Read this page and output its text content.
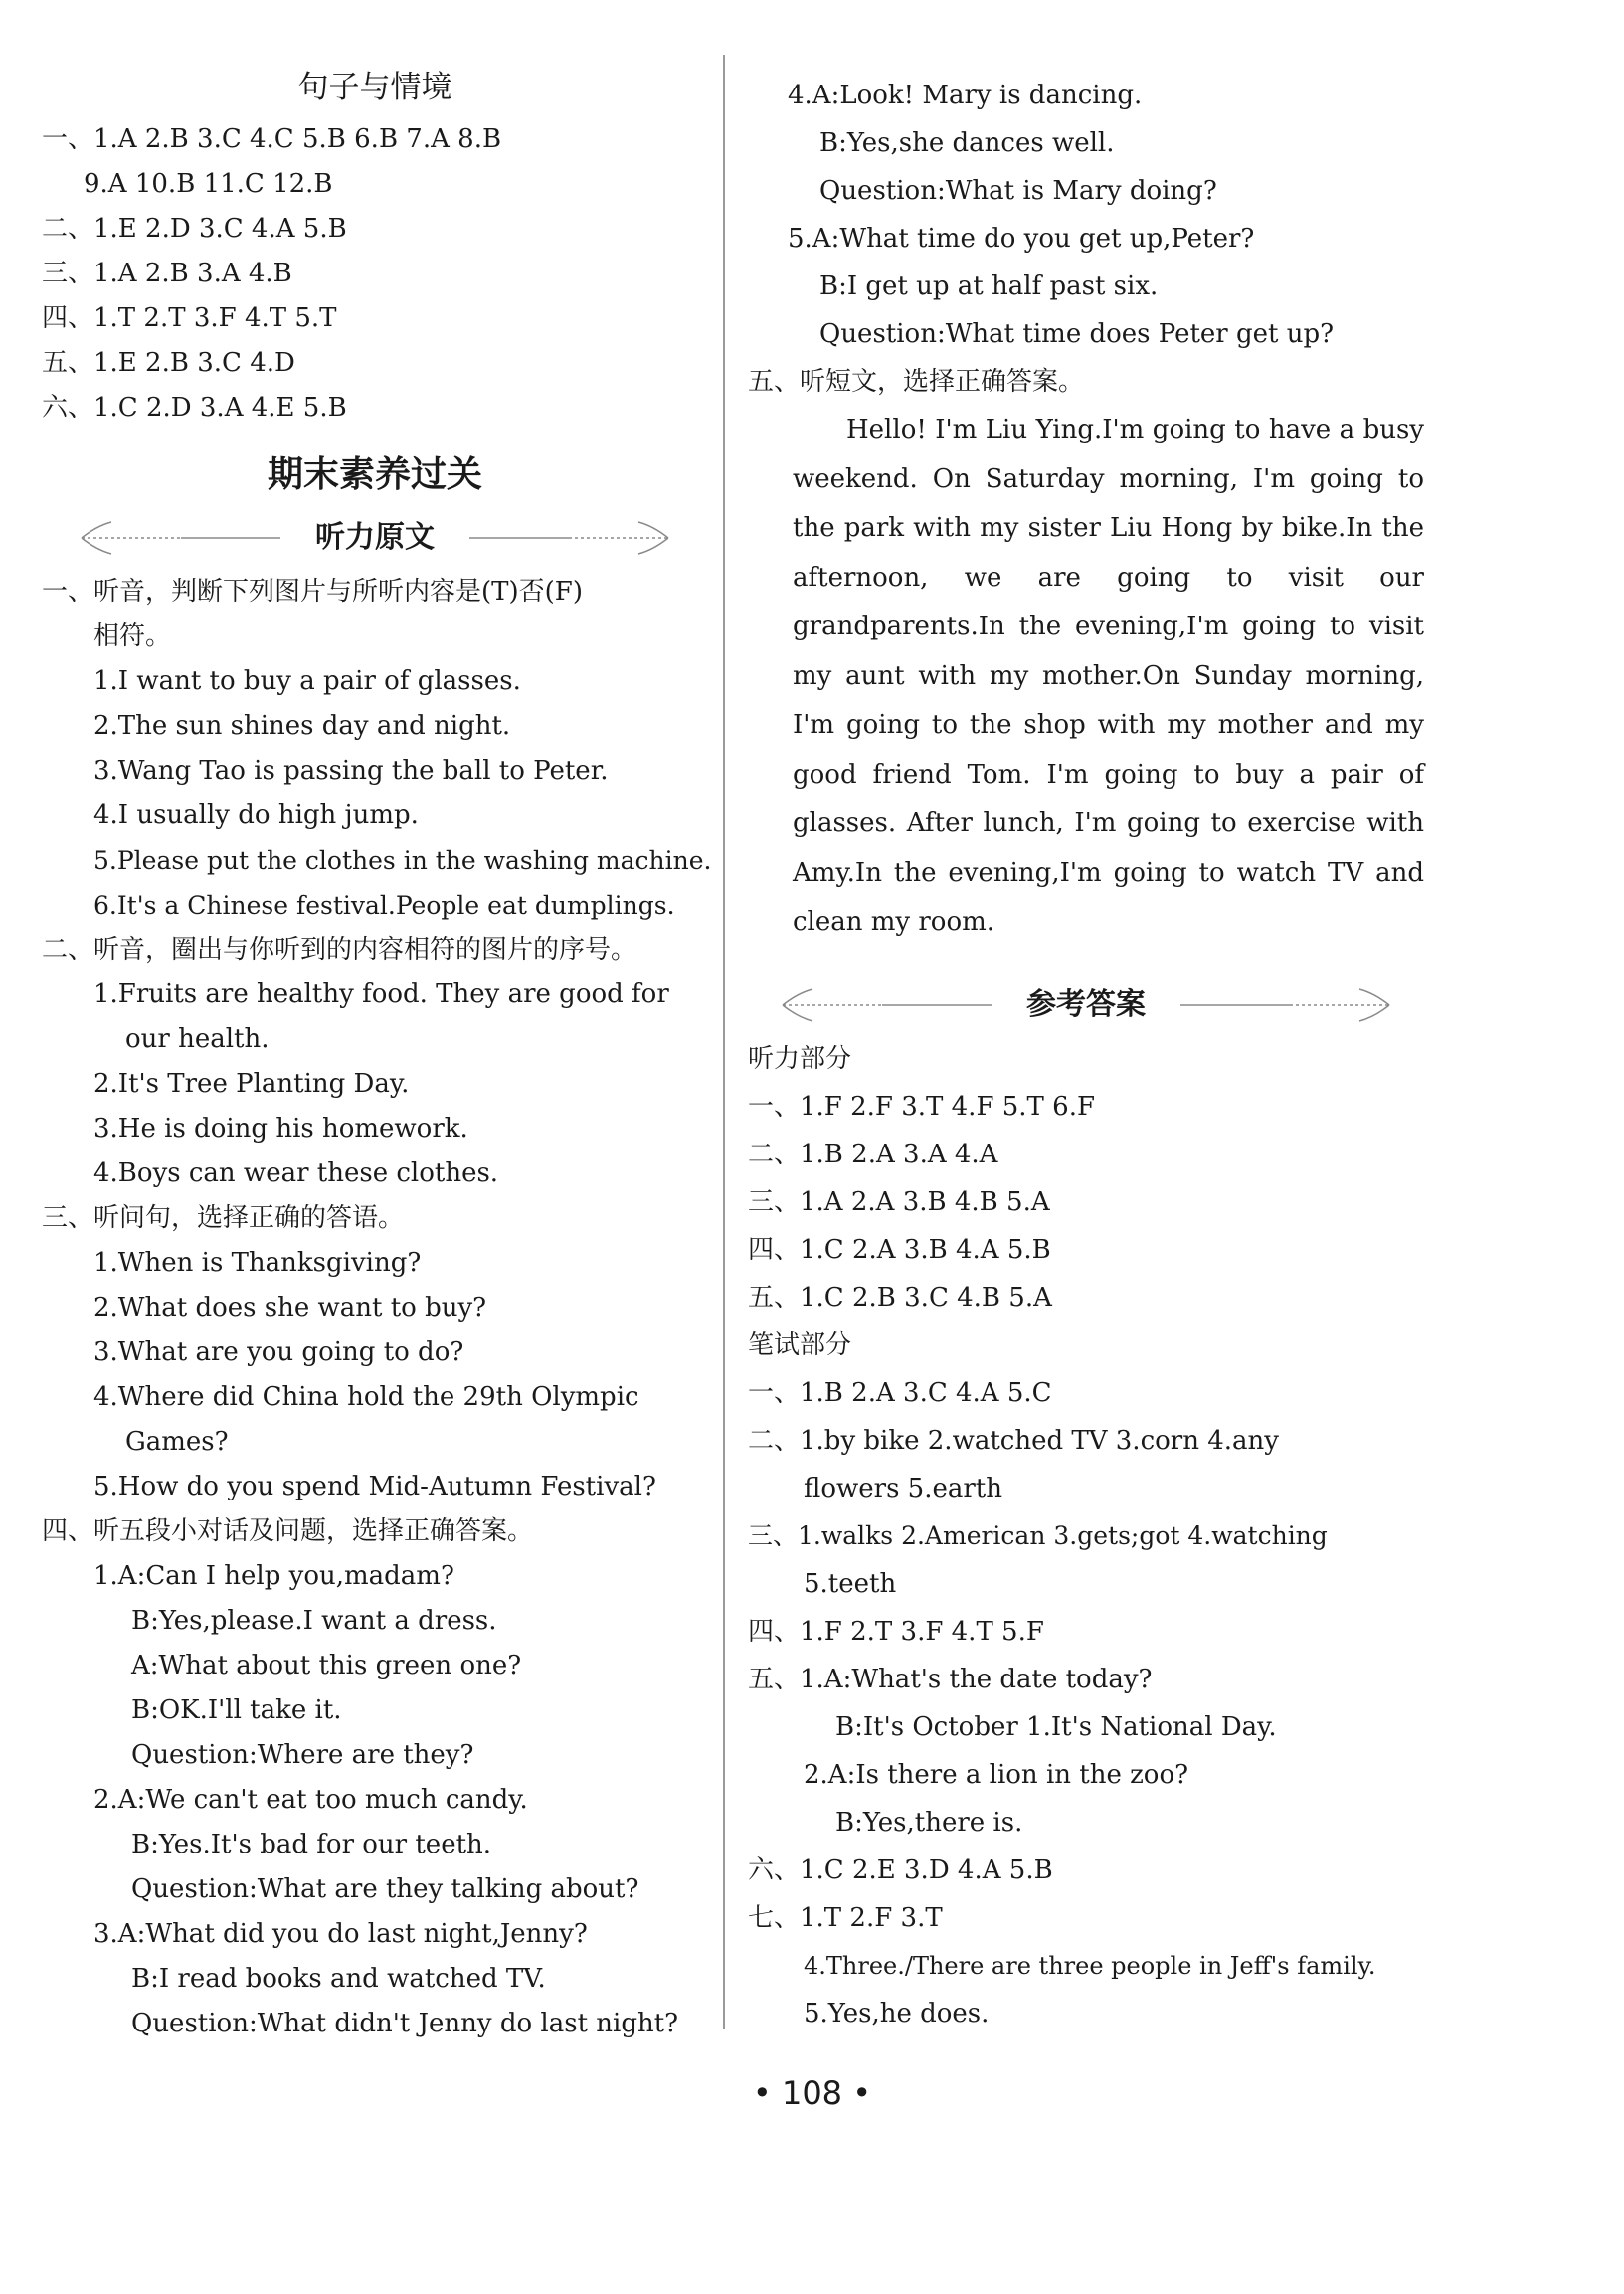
句子与情境
一、1.A 2.B 3.C 4.C 5.B 6.B 7.A 8.B
9.A 10.B 11.C 12.B
二、1.E 2.D 3.C 4.A 5.B
三、1.A 2.B 3.A 4.B
四、1.T 2.T 3.F 4.T 5.T
五、1.E 2.B 3.C 4.D
六、1.C 2.D 3.A 4.E 5.B
期末素养过关
听力原文
一、听音，判断下列图片与所听内容是(T)否(F)
相符。
1.I want to buy a pair of glasses.
2.The sun shines day and night.
3.Wang Tao is passing the ball to Peter.
4.I usually do high jump.
5.Please put the clothes in the washing machine.
6.It's a Chinese festival.People eat dumplings.
二、听音，圈出与你听到的内容相符的图片的序号。
1.Fruits are healthy food. They are good for
our health.
2.It's Tree Planting Day.
3.He is doing his homework.
4.Boys can wear these clothes.
三、听问句，选择正确的答语。
1.When is Thanksgiving?
2.What does she want to buy?
3.What are you going to do?
4.Where did China hold the 29th Olympic
Games?
5.How do you spend Mid-Autumn Festival?
四、听五段小对话及问题，选择正确答案。
1.A:Can I help you,madam?
B:Yes,please.I want a dress.
A:What about this green one?
B:OK.I'll take it.
Question:Where are they?
2.A:We can't eat too much candy.
B:Yes.It's bad for our teeth.
Question:What are they talking about?
3.A:What did you do last night,Jenny?
B:I read books and watched TV.
Question:What didn't Jenny do last night?
4.A:Look! Mary is dancing.
B:Yes,she dances well.
Question:What is Mary doing?
5.A:What time do you get up,Peter?
B:I get up at half past six.
Question:What time does Peter get up?
五、听短文，选择正确答案。

Hello! I'm Liu Ying.I'm going to have a busy weekend. On Saturday morning, I'm going to the park with my sister Liu Hong by bike.In the afternoon, we are going to visit our grandparents.In the evening,I'm going to visit my aunt with my mother.On Sunday morning, I'm going to the shop with my mother and my good friend Tom. I'm going to buy a pair of glasses. After lunch, I'm going to exercise with Amy.In the evening,I'm going to watch TV and clean my room.

参考答案
听力部分
一、1.F 2.F 3.T 4.F 5.T 6.F
二、1.B 2.A 3.A 4.A
三、1.A 2.A 3.B 4.B 5.A
四、1.C 2.A 3.B 4.A 5.B
五、1.C 2.B 3.C 4.B 5.A
笔试部分
一、1.B 2.A 3.C 4.A 5.C
二、1.by bike 2.watched TV 3.corn 4.any
flowers 5.earth
三、1.walks 2.American 3.gets;got 4.watching
5.teeth
四、1.F 2.T 3.F 4.T 5.F
五、1.A:What's the date today?
B:It's October 1.It's National Day.
2.A:Is there a lion in the zoo?
B:Yes,there is.
六、1.C 2.E 3.D 4.A 5.B
七、1.T 2.F 3.T
4.Three./There are three people in Jeff's family.
5.Yes,he does.
• 108 •
